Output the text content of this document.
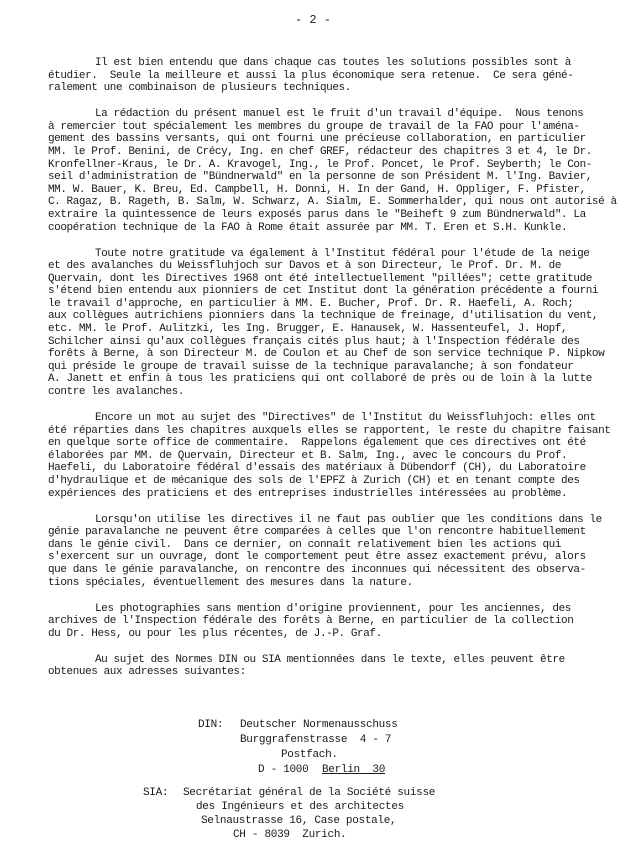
- 2 -
Il est bien entendu que dans chaque cas toutes les solutions possibles sont à
étudier.  Seule la meilleure et aussi la plus économique sera retenue.  Ce sera géné-
ralement une combinaison de plusieurs techniques.
La rédaction du présent manuel est le fruit d'un travail d'équipe.  Nous tenons
à remercier tout spécialement les membres du groupe de travail de la FAO pour l'aména-
gement des bassins versants, qui ont fourni une précieuse collaboration, en particulier
MM. le Prof. Benini, de Crécy, Ing. en chef GREF, rédacteur des chapitres 3 et 4, le Dr.
Kronfellner-Kraus, le Dr. A. Kravogel, Ing., le Prof. Poncet, le Prof. Seyberth; le Con-
seil d'administration de "Bündnerwald" en la personne de son Président M. l'Ing. Bavier,
MM. W. Bauer, K. Breu, Ed. Campbell, H. Donni, H. In der Gand, H. Oppliger, F. Pfister,
C. Ragaz, B. Rageth, B. Salm, W. Schwarz, A. Sialm, E. Sommerhalder, qui nous ont autorisé à
extraire la quintessence de leurs exposés parus dans le "Beiheft 9 zum Bündnerwald". La
coopération technique de la FAO à Rome était assurée par MM. T. Eren et S.H. Kunkle.
Toute notre gratitude va également à l'Institut fédéral pour l'étude de la neige
et des avalanches du Weissfluhjoch sur Davos et à son Directeur, le Prof. Dr. M. de
Quervain, dont les Directives 1968 ont été intellectuellement "pillées"; cette gratitude
s'étend bien entendu aux pionniers de cet Institut dont la génération précédente a fourni
le travail d'approche, en particulier à MM. E. Bucher, Prof. Dr. R. Haefeli, A. Roch;
aux collègues autrichiens pionniers dans la technique de freinage, d'utilisation du vent,
etc. MM. le Prof. Aulitzki, les Ing. Brugger, E. Hanausek, W. Hassenteufel, J. Hopf,
Schilcher ainsi qu'aux collègues français cités plus haut; à l'Inspection fédérale des
forêts à Berne, à son Directeur M. de Coulon et au Chef de son service technique P. Nipkow
qui préside le groupe de travail suisse de la technique paravalanche; à son fondateur
A. Janett et enfin à tous les praticiens qui ont collaboré de près ou de loin à la lutte
contre les avalanches.
Encore un mot au sujet des "Directives" de l'Institut du Weissfluhjoch: elles ont
été réparties dans les chapitres auxquels elles se rapportent, le reste du chapitre faisant
en quelque sorte office de commentaire.  Rappelons également que ces directives ont été
élaborées par MM. de Quervain, Directeur et B. Salm, Ing., avec le concours du Prof.
Haefeli, du Laboratoire fédéral d'essais des matériaux à Dübendorf (CH), du Laboratoire
d'hydraulique et de mécanique des sols de l'EPFZ à Zurich (CH) et en tenant compte des
expériences des praticiens et des entreprises industrielles intéressées au problème.
Lorsqu'on utilise les directives il ne faut pas oublier que les conditions dans le
génie paravalanche ne peuvent être comparées à celles que l'on rencontre habituellement
dans le génie civil.  Dans ce dernier, on connaît relativement bien les actions qui
s'exercent sur un ouvrage, dont le comportement peut être assez exactement prévu, alors
que dans le génie paravalanche, on rencontre des inconnues qui nécessitent des observa-
tions spéciales, éventuellement des mesures dans la nature.
Les photographies sans mention d'origine proviennent, pour les anciennes, des
archives de l'Inspection fédérale des forêts à Berne, en particulier de la collection
du Dr. Hess, ou pour les plus récentes, de J.-P. Graf.
Au sujet des Normes DIN ou SIA mentionnées dans le texte, elles peuvent être
obtenues aux adresses suivantes:
DIN: Deutscher Normenausschuss
Burggrafenstrasse  4 - 7
Postfach.
D - 1000 Berlin  30
SIA: Secrétariat général de la Société suisse
des Ingénieurs et des architectes
Selnaustrasse 16, Case postale,
CH - 8039  Zurich.
